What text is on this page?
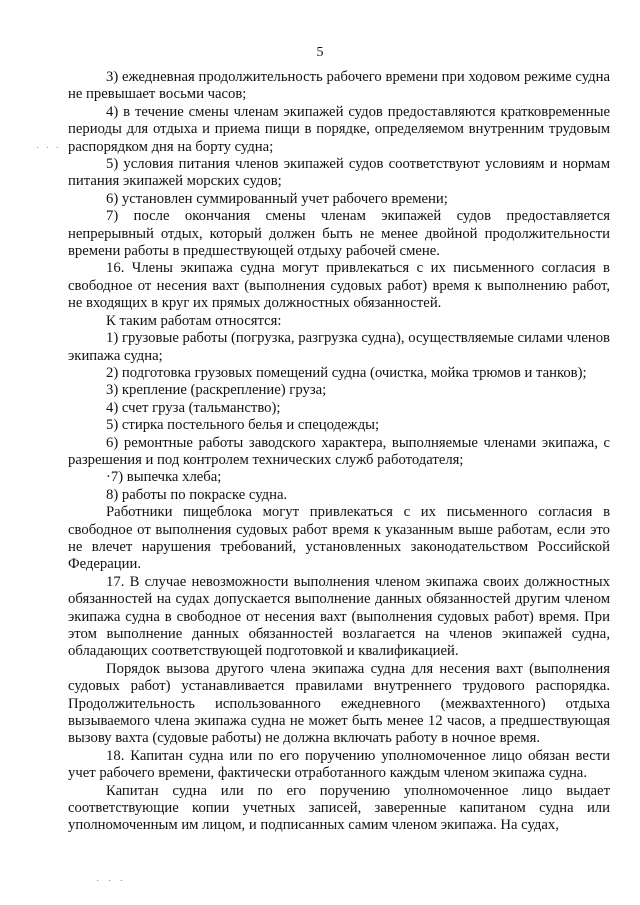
5
· · ·

3) ежедневная продолжительность рабочего времени при ходовом режиме судна не превышает восьми часов;

4) в течение смены членам экипажей судов предоставляются кратковременные периоды для отдыха и приема пищи в порядке, определяемом внутренним трудовым распорядком дня на борту судна;

5) условия питания членов экипажей судов соответствуют условиям и нормам питания экипажей морских судов;

6) установлен суммированный учет рабочего времени;

7) после окончания смены членам экипажей судов предоставляется непрерывный отдых, который должен быть не менее двойной продолжительности времени работы в предшествующей отдыху рабочей смене.

16. Члены экипажа судна могут привлекаться с их письменного согласия в свободное от несения вахт (выполнения судовых работ) время к выполнению работ, не входящих в круг их прямых должностных обязанностей.

К таким работам относятся:

1) грузовые работы (погрузка, разгрузка судна), осуществляемые силами членов экипажа судна;

2) подготовка грузовых помещений судна (очистка, мойка трюмов и танков);

3) крепление (раскрепление) груза;

4) счет груза (тальманство);

5) стирка постельного белья и спецодежды;

6) ремонтные работы заводского характера, выполняемые членами экипажа, с разрешения и под контролем технических служб работодателя;

·7) выпечка хлеба;

8) работы по покраске судна.

Работники пищеблока могут привлекаться с их письменного согласия в свободное от выполнения судовых работ время к указанным выше работам, если это не влечет нарушения требований, установленных законодательством Российской Федерации.

17. В случае невозможности выполнения членом экипажа своих должностных обязанностей на судах допускается выполнение данных обязанностей другим членом экипажа судна в свободное от несения вахт (выполнения судовых работ) время. При этом выполнение данных обязанностей возлагается на членов экипажей судна, обладающих соответствующей подготовкой и квалификацией.

Порядок вызова другого члена экипажа судна для несения вахт (выполнения судовых работ) устанавливается правилами внутреннего трудового распорядка. Продолжительность использованного ежедневного (межвахтенного) отдыха вызываемого члена экипажа судна не может быть менее 12 часов, а предшествующая вызову вахта (судовые работы) не должна включать работу в ночное время.

18. Капитан судна или по его поручению уполномоченное лицо обязан вести учет рабочего времени, фактически отработанного каждым членом экипажа судна.

Капитан судна или по его поручению уполномоченное лицо выдает соответствующие копии учетных записей, заверенные капитаном судна или уполномоченным им лицом, и подписанных самим членом экипажа. На судах,

· · ·
